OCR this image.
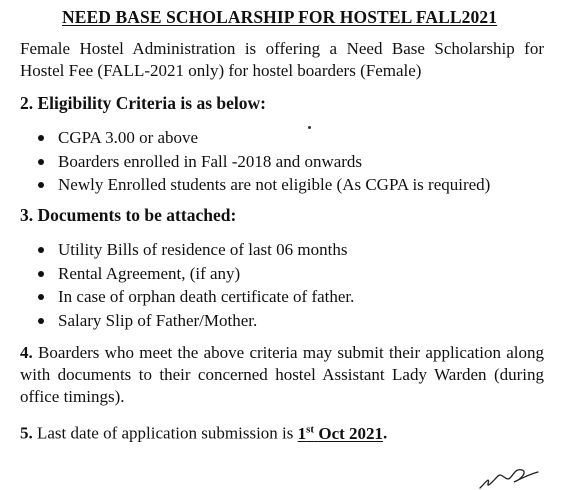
NEED BASE SCHOLARSHIP FOR HOSTEL FALL2021
Female Hostel Administration is offering a Need Base Scholarship for Hostel Fee (FALL-2021 only) for hostel boarders (Female)
2. Eligibility Criteria is as below:
CGPA 3.00 or above
Boarders enrolled in Fall -2018 and onwards
Newly Enrolled students are not eligible (As CGPA is required)
3. Documents to be attached:
Utility Bills of residence of last 06 months
Rental Agreement, (if any)
In case of orphan death certificate of father.
Salary Slip of Father/Mother.
4. Boarders who meet the above criteria may submit their application along with documents to their concerned hostel Assistant Lady Warden (during office timings).
5. Last date of application submission is 1st Oct 2021.
